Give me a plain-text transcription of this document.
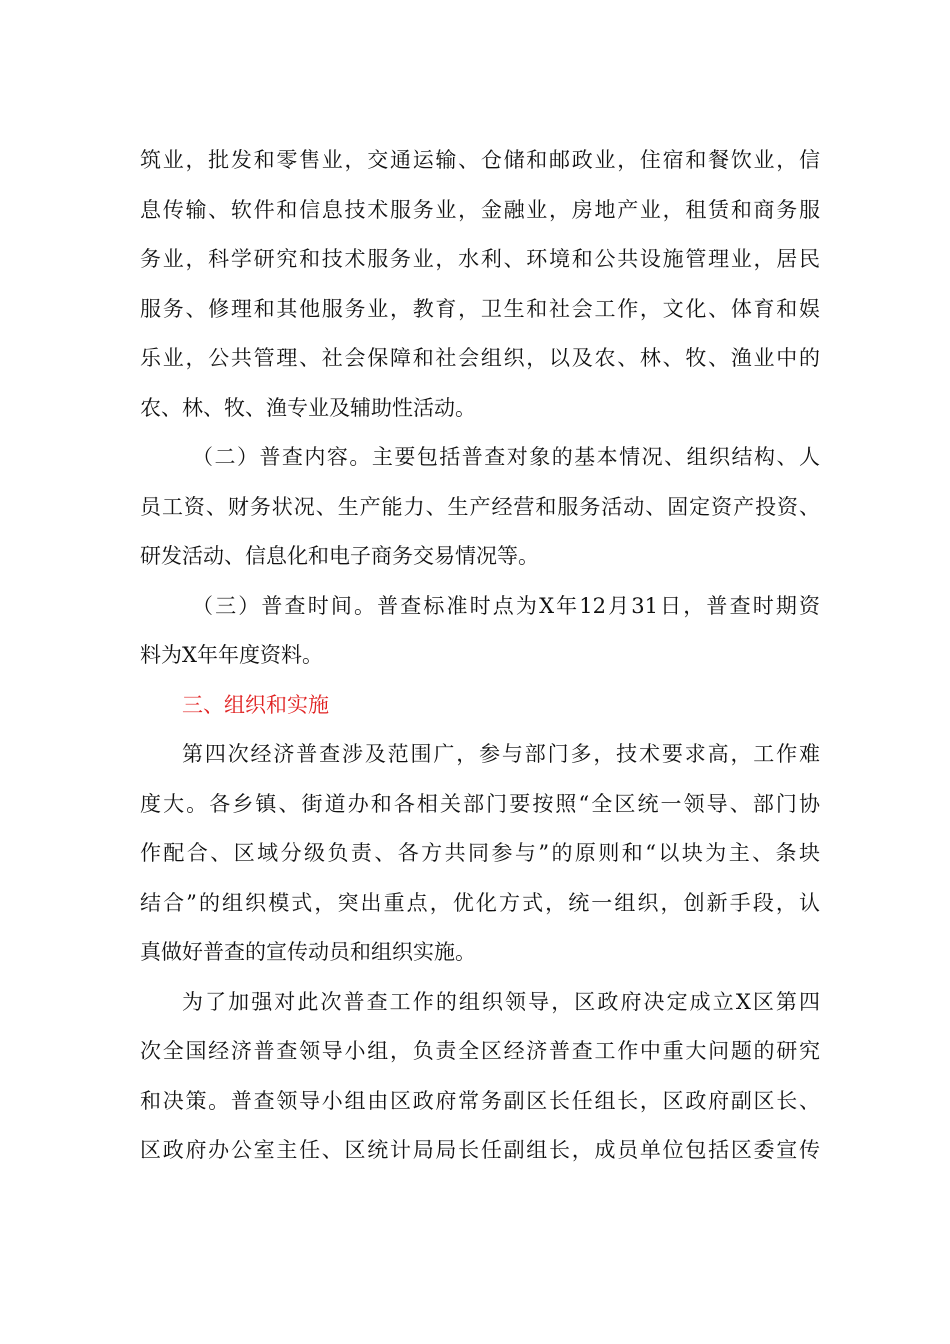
筑业，批发和零售业，交通运输、仓储和邮政业，住宿和餐饮业，信

息传输、软件和信息技术服务业，金融业，房地产业，租赁和商务服

务业，科学研究和技术服务业，水利、环境和公共设施管理业，居民

服务、修理和其他服务业，教育，卫生和社会工作，文化、体育和娱

乐业，公共管理、社会保障和社会组织，以及农、林、牧、渔业中的

农、林、牧、渔专业及辅助性活动。

（二）普查内容。主要包括普查对象的基本情况、组织结构、人

员工资、财务状况、生产能力、生产经营和服务活动、固定资产投资、

研发活动、信息化和电子商务交易情况等。

（三）普查时间。普查标准时点为X年12月31日，普查时期资

料为X年年度资料。

三、组织和实施

第四次经济普查涉及范围广，参与部门多，技术要求高，工作难

度大。各乡镇、街道办和各相关部门要按照“全区统一领导、部门协

作配合、区域分级负责、各方共同参与”的原则和“以块为主、条块

结合”的组织模式，突出重点，优化方式，统一组织，创新手段，认

真做好普查的宣传动员和组织实施。

为了加强对此次普查工作的组织领导，区政府决定成立X区第四

次全国经济普查领导小组，负责全区经济普查工作中重大问题的研究

和决策。普查领导小组由区政府常务副区长任组长，区政府副区长、

区政府办公室主任、区统计局局长任副组长，成员单位包括区委宣传
